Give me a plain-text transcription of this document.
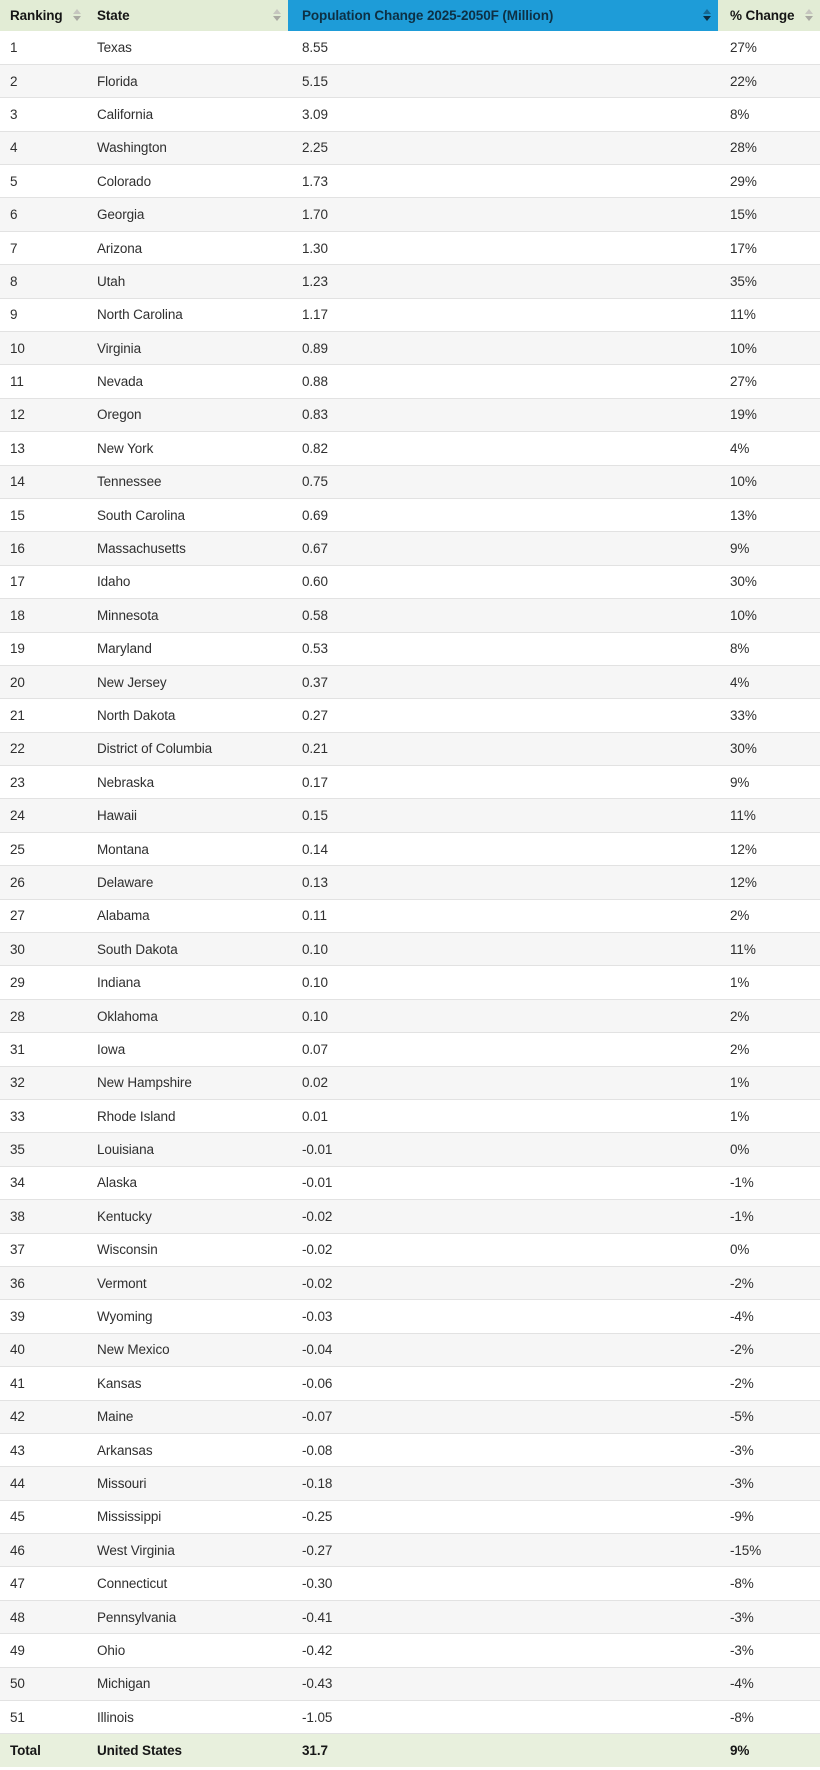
Ranking	State	Population Change 2025-2050F (Million)	% Change

1	Texas	8.55	27%
2	Florida	5.15	22%
3	California	3.09	8%
4	Washington	2.25	28%
5	Colorado	1.73	29%
6	Georgia	1.70	15%
7	Arizona	1.30	17%
8	Utah	1.23	35%
9	North Carolina	1.17	11%
10	Virginia	0.89	10%
11	Nevada	0.88	27%
12	Oregon	0.83	19%
13	New York	0.82	4%
14	Tennessee	0.75	10%
15	South Carolina	0.69	13%
16	Massachusetts	0.67	9%
17	Idaho	0.60	30%
18	Minnesota	0.58	10%
19	Maryland	0.53	8%
20	New Jersey	0.37	4%
21	North Dakota	0.27	33%
22	District of Columbia	0.21	30%
23	Nebraska	0.17	9%
24	Hawaii	0.15	11%
25	Montana	0.14	12%
26	Delaware	0.13	12%
27	Alabama	0.11	2%
30	South Dakota	0.10	11%
29	Indiana	0.10	1%
28	Oklahoma	0.10	2%
31	Iowa	0.07	2%
32	New Hampshire	0.02	1%
33	Rhode Island	0.01	1%
35	Louisiana	-0.01	0%
34	Alaska	-0.01	-1%
38	Kentucky	-0.02	-1%
37	Wisconsin	-0.02	0%
36	Vermont	-0.02	-2%
39	Wyoming	-0.03	-4%
40	New Mexico	-0.04	-2%
41	Kansas	-0.06	-2%
42	Maine	-0.07	-5%
43	Arkansas	-0.08	-3%
44	Missouri	-0.18	-3%
45	Mississippi	-0.25	-9%
46	West Virginia	-0.27	-15%
47	Connecticut	-0.30	-8%
48	Pennsylvania	-0.41	-3%
49	Ohio	-0.42	-3%
50	Michigan	-0.43	-4%
51	Illinois	-1.05	-8%
Total	United States	31.7	9%
